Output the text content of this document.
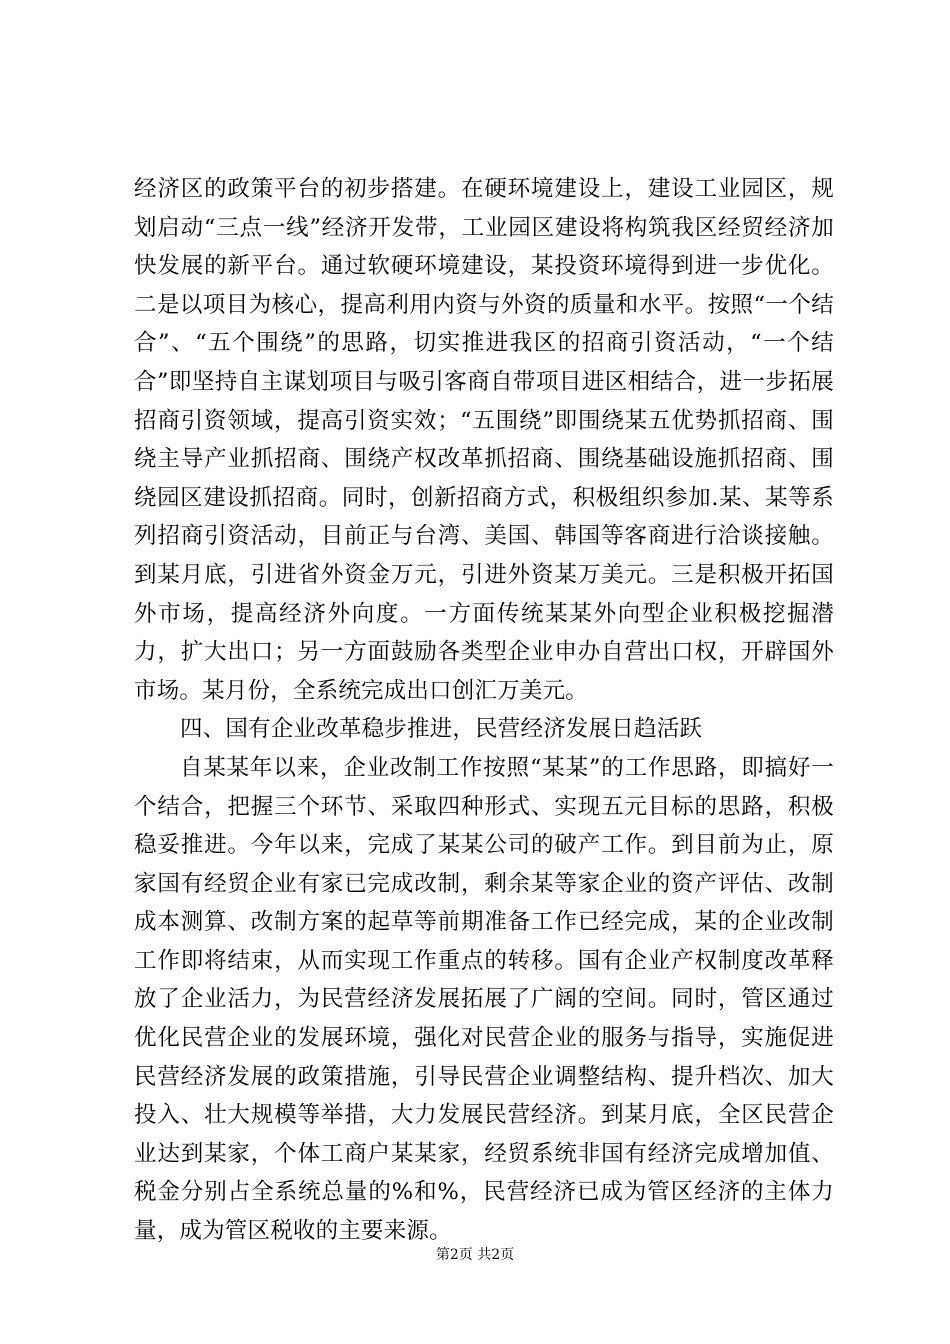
经济区的政策平台的初步搭建。在硬环境建设上，建设工业园区，规划启动“三点一线”经济开发带，工业园区建设将构筑我区经贸经济加快发展的新平台。通过软硬环境建设，某投资环境得到进一步优化。二是以项目为核心，提高利用内资与外资的质量和水平。按照“一个结合”、“五个围绕”的思路，切实推进我区的招商引资活动，“一个结合”即坚持自主谋划项目与吸引客商自带项目进区相结合，进一步拓展招商引资领域，提高引资实效；“五围绕”即围绕某五优势抓招商、围绕主导产业抓招商、围绕产权改革抓招商、围绕基础设施抓招商、围绕园区建设抓招商。同时，创新招商方式，积极组织参加.某、某等系列招商引资活动，目前正与台湾、美国、韩国等客商进行洽谈接触。到某月底，引进省外资金万元，引进外资某万美元。三是积极开拓国外市场，提高经济外向度。一方面传统某某外向型企业积极挖掘潜力，扩大出口；另一方面鼓励各类型企业申办自营出口权，开辟国外市场。某月份，全系统完成出口创汇万美元。

四、国有企业改革稳步推进，民营经济发展日趋活跃

自某某年以来，企业改制工作按照“某某”的工作思路，即搞好一个结合，把握三个环节、采取四种形式、实现五元目标的思路，积极稳妥推进。今年以来，完成了某某公司的破产工作。到目前为止，原家国有经贸企业有家已完成改制，剩余某等家企业的资产评估、改制成本测算、改制方案的起草等前期准备工作已经完成，某的企业改制工作即将结束，从而实现工作重点的转移。国有企业产权制度改革释放了企业活力，为民营经济发展拓展了广阔的空间。同时，管区通过优化民营企业的发展环境，强化对民营企业的服务与指导，实施促进民营经济发展的政策措施，引导民营企业调整结构、提升档次、加大投入、壮大规模等举措，大力发展民营经济。到某月底，全区民营企业达到某家，个体工商户某某家，经贸系统非国有经济完成增加值、税金分别占全系统总量的%和%，民营经济已成为管区经济的主体力量，成为管区税收的主要来源。

第2页 共2页
